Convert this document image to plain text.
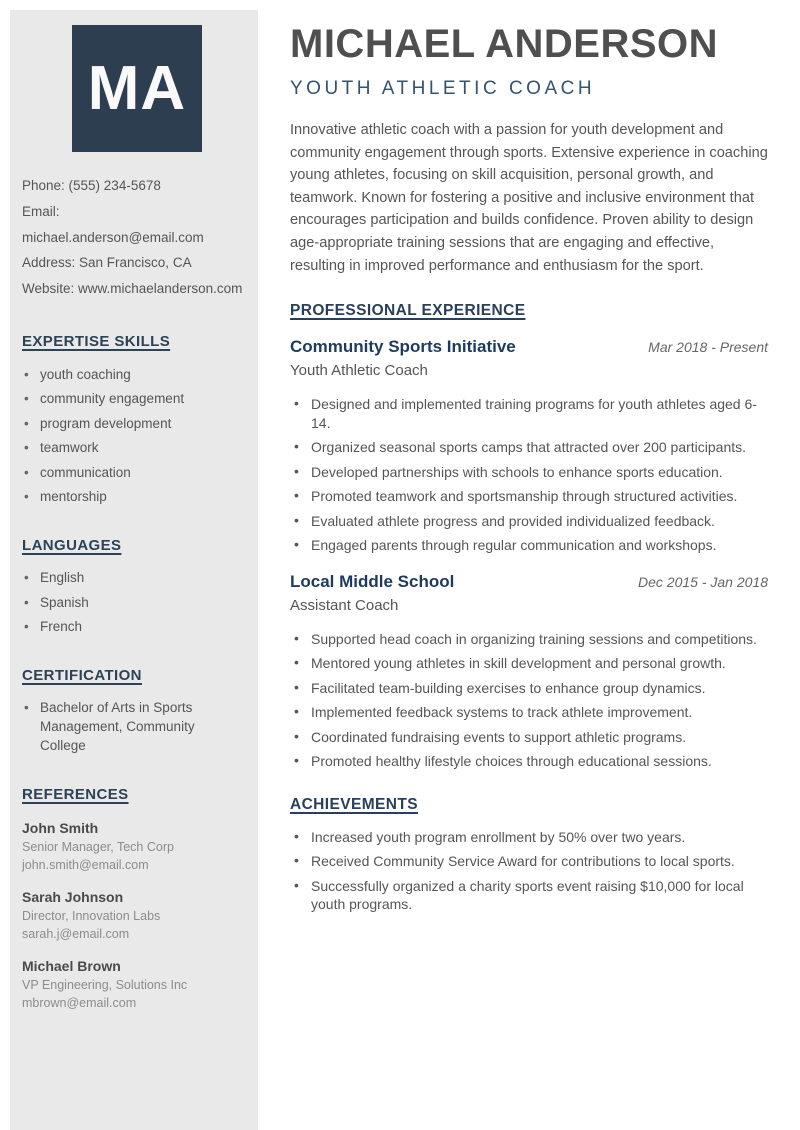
MA
Phone: (555) 234-5678
Email: michael.anderson@email.com
Address: San Francisco, CA
Website: www.michaelanderson.com
EXPERTISE SKILLS
• youth coaching
• community engagement
• program development
• teamwork
• communication
• mentorship
LANGUAGES
• English
• Spanish
• French
CERTIFICATION
• Bachelor of Arts in Sports Management, Community College
REFERENCES
John Smith
Senior Manager, Tech Corp
john.smith@email.com
Sarah Johnson
Director, Innovation Labs
sarah.j@email.com
Michael Brown
VP Engineering, Solutions Inc
mbrown@email.com
MICHAEL ANDERSON
YOUTH ATHLETIC COACH

Innovative athletic coach with a passion for youth development and community engagement through sports. Extensive experience in coaching young athletes, focusing on skill acquisition, personal growth, and teamwork. Known for fostering a positive and inclusive environment that encourages participation and builds confidence. Proven ability to design age-appropriate training sessions that are engaging and effective, resulting in improved performance and enthusiasm for the sport.

PROFESSIONAL EXPERIENCE
Community Sports Initiative	Mar 2018 - Present
Youth Athletic Coach
• Designed and implemented training programs for youth athletes aged 6-14.
• Organized seasonal sports camps that attracted over 200 participants.
• Developed partnerships with schools to enhance sports education.
• Promoted teamwork and sportsmanship through structured activities.
• Evaluated athlete progress and provided individualized feedback.
• Engaged parents through regular communication and workshops.
Local Middle School	Dec 2015 - Jan 2018
Assistant Coach
• Supported head coach in organizing training sessions and competitions.
• Mentored young athletes in skill development and personal growth.
• Facilitated team-building exercises to enhance group dynamics.
• Implemented feedback systems to track athlete improvement.
• Coordinated fundraising events to support athletic programs.
• Promoted healthy lifestyle choices through educational sessions.
ACHIEVEMENTS
• Increased youth program enrollment by 50% over two years.
• Received Community Service Award for contributions to local sports.
• Successfully organized a charity sports event raising $10,000 for local youth programs.
